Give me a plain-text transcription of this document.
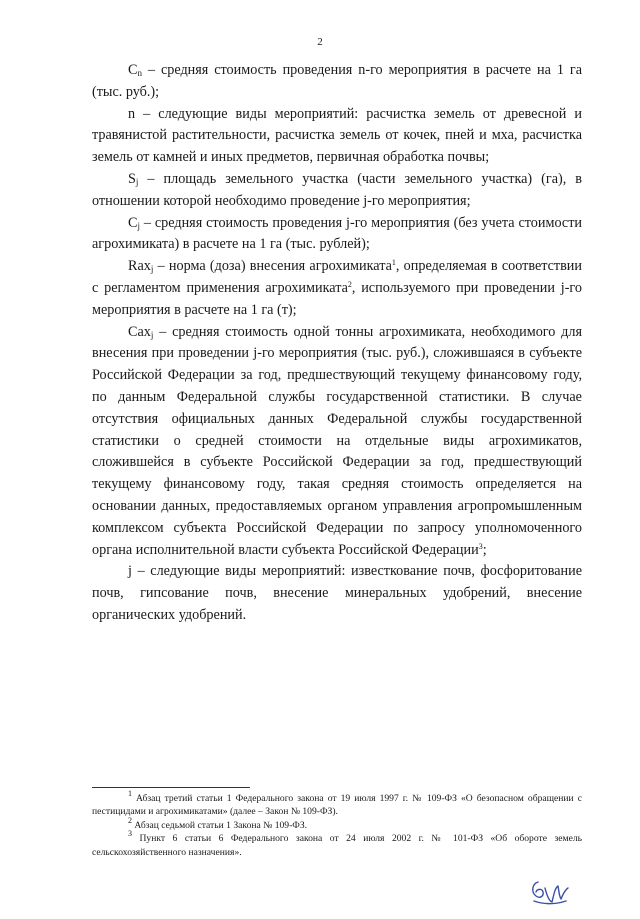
2

$C_n$ – средняя стоимость проведения n-го мероприятия в расчете на 1 га (тыс. руб.);

n – следующие виды мероприятий: расчистка земель от древесной и травянистой растительности, расчистка земель от кочек, пней и мха, расчистка земель от камней и иных предметов, первичная обработка почвы;

$S_j$ – площадь земельного участка (части земельного участка) (га), в отношении которой необходимо проведение j-го мероприятия;

$C_j$ – средняя стоимость проведения j-го мероприятия (без учета стоимости агрохимиката) в расчете на 1 га (тыс. рублей);

Rax$_j$ – норма (доза) внесения агрохимиката$^1$, определяемая в соответствии с регламентом применения агрохимиката$^2$, используемого при проведении j-го мероприятия в расчете на 1 га (т);

Cax$_j$ – средняя стоимость одной тонны агрохимиката, необходимого для внесения при проведении j-го мероприятия (тыс. руб.), сложившаяся в субъекте Российской Федерации за год, предшествующий текущему финансовому году, по данным Федеральной службы государственной статистики. В случае отсутствия официальных данных Федеральной службы государственной статистики о средней стоимости на отдельные виды агрохимикатов, сложившейся в субъекте Российской Федерации за год, предшествующий текущему финансовому году, такая средняя стоимость определяется на основании данных, предоставляемых органом управления агропромышленным комплексом субъекта Российской Федерации по запросу уполномоченного органа исполнительной власти субъекта Российской Федерации$^3$;

j – следующие виды мероприятий: известкование почв, фосфоритование почв, гипсование почв, внесение минеральных удобрений, внесение органических удобрений.

$^1$ Абзац третий статьи 1 Федерального закона от 19 июля 1997 г. № 109-ФЗ «О безопасном обращении с пестицидами и агрохимикатами» (далее – Закон № 109-ФЗ).

$^2$ Абзац седьмой статьи 1 Закона № 109-ФЗ.

$^3$ Пункт 6 статьи 6 Федерального закона от 24 июля 2002 г. № 101-ФЗ «Об обороте земель сельскохозяйственного назначения».
